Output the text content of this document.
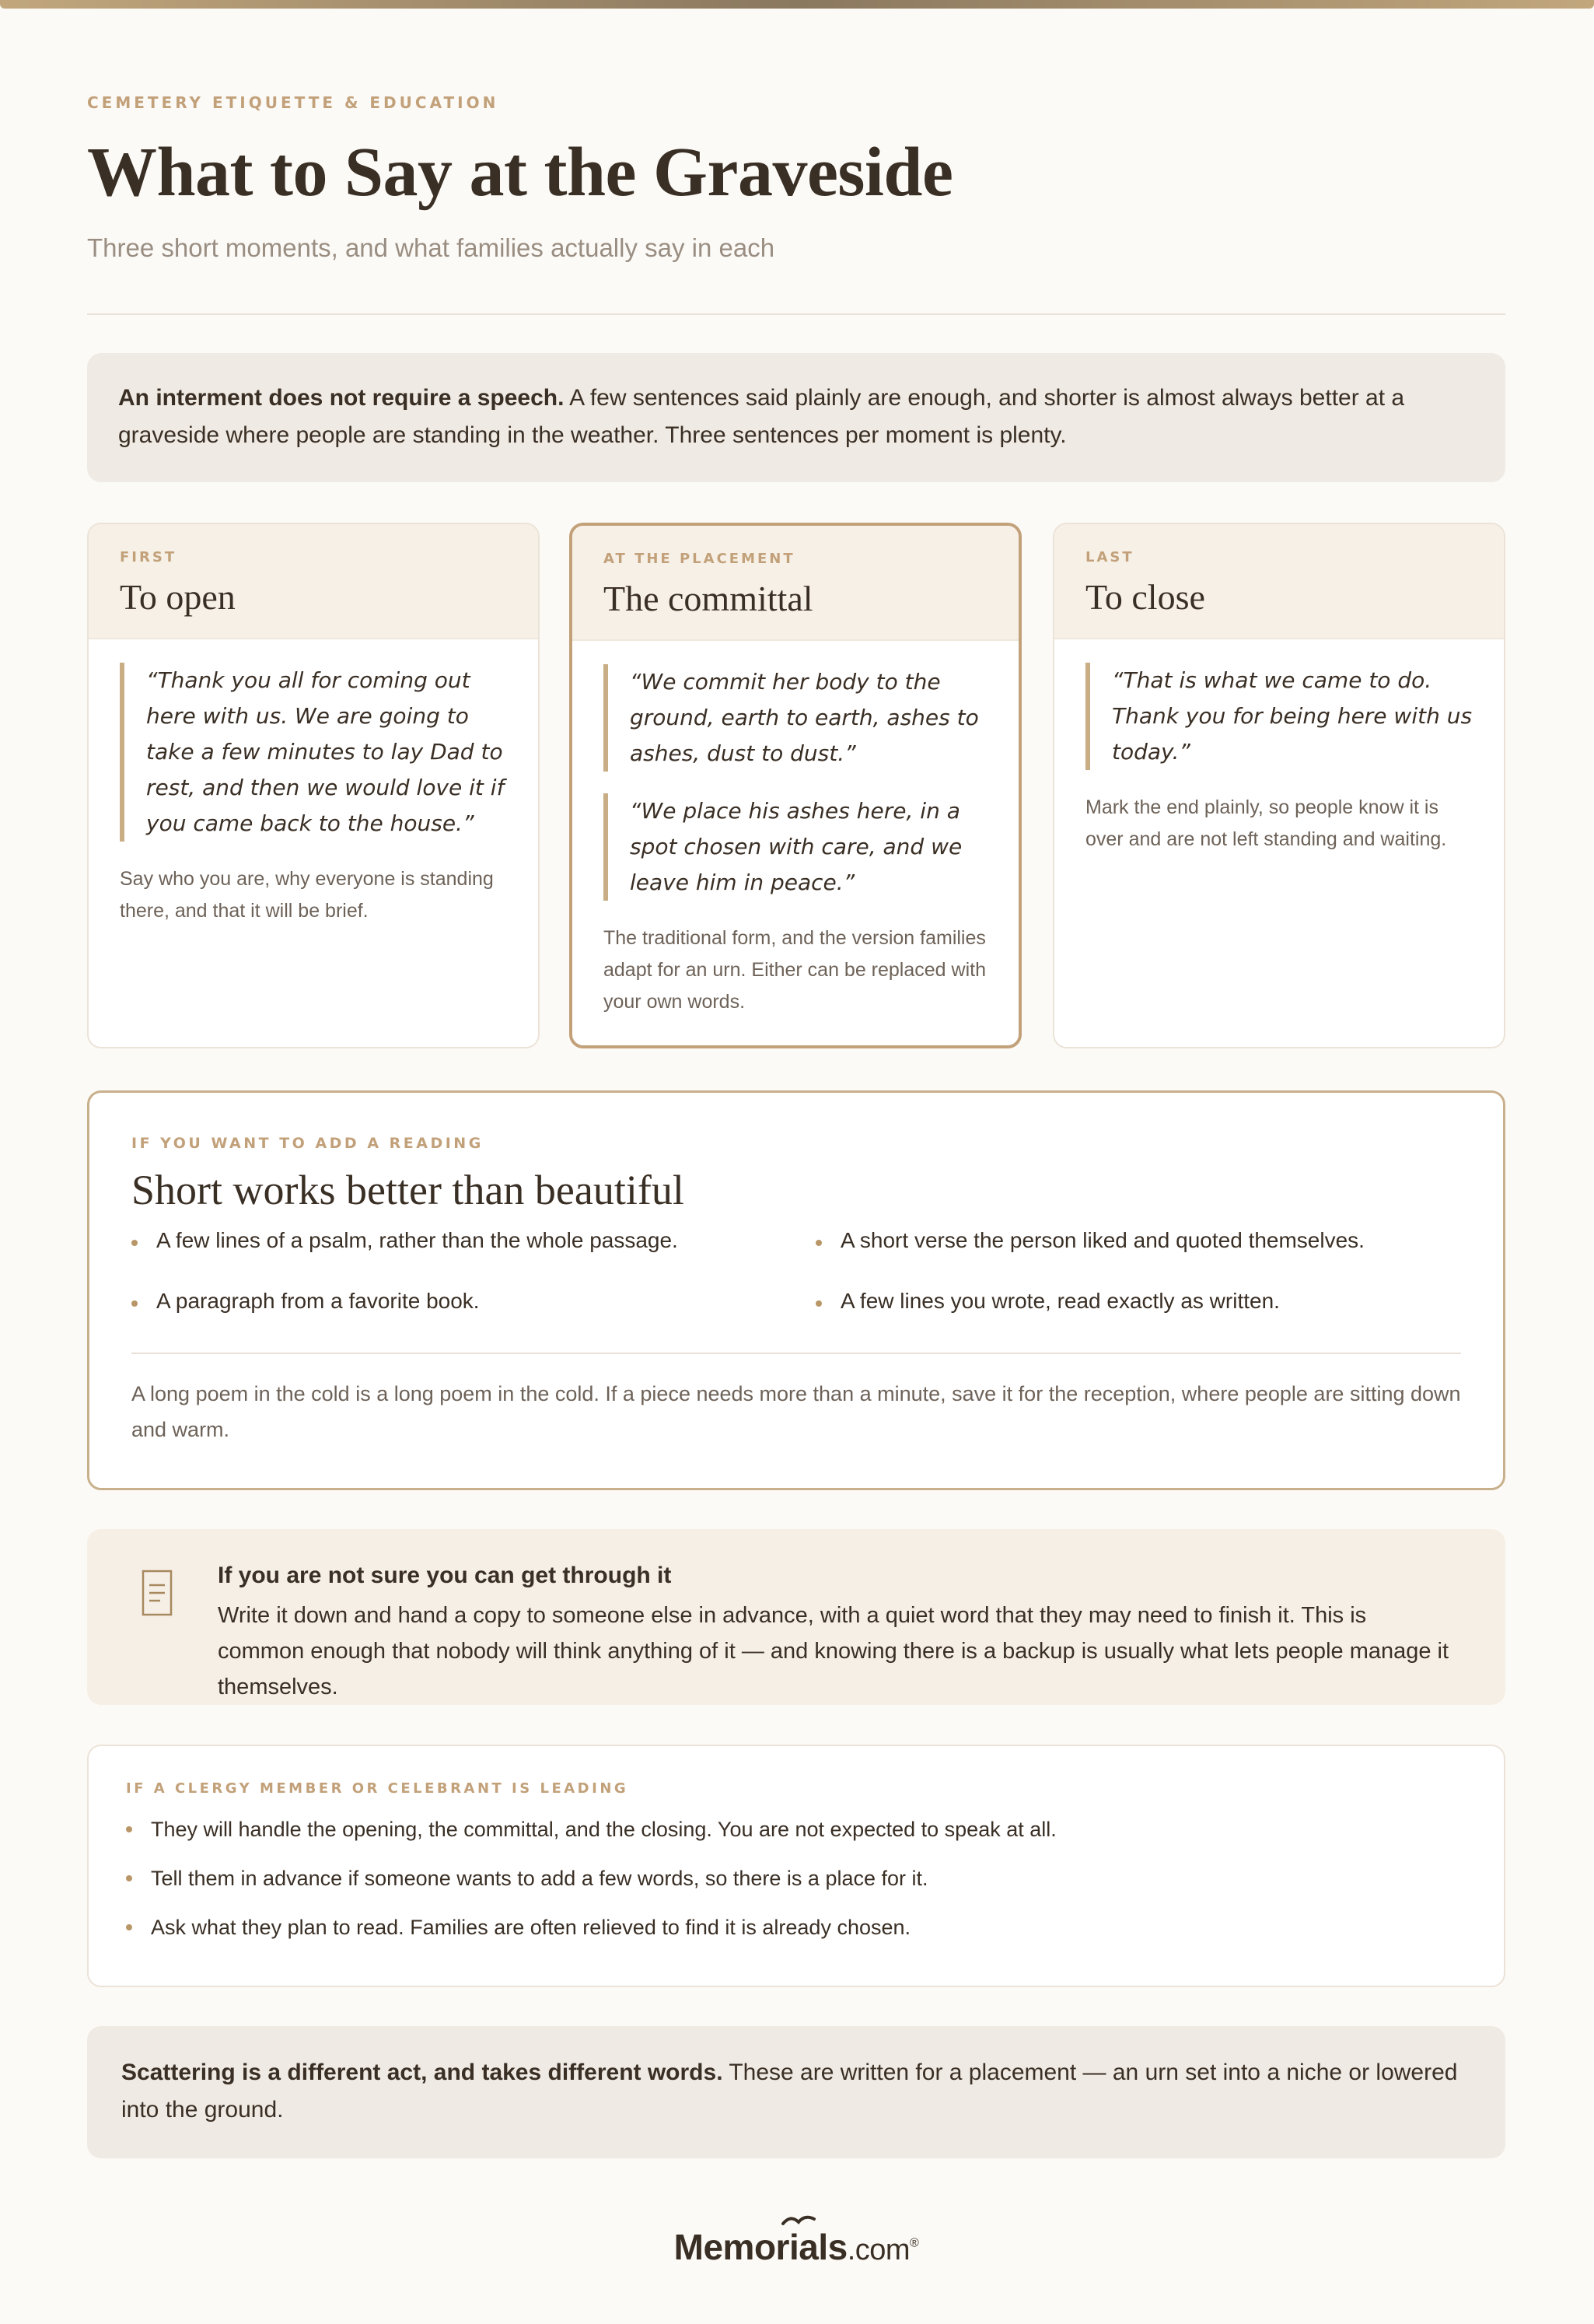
CEMETERY ETIQUETTE & EDUCATION
What to Say at the Graveside
Three short moments, and what families actually say in each
An interment does not require a speech. A few sentences said plainly are enough, and shorter is almost always better at a graveside where people are standing in the weather. Three sentences per moment is plenty.
FIRST
To open
“Thank you all for coming out here with us. We are going to take a few minutes to lay Dad to rest, and then we would love it if you came back to the house.”
Say who you are, why everyone is standing there, and that it will be brief.
AT THE PLACEMENT
The committal
“We commit her body to the ground, earth to earth, ashes to ashes, dust to dust.”
“We place his ashes here, in a spot chosen with care, and we leave him in peace.”
The traditional form, and the version families adapt for an urn. Either can be replaced with your own words.
LAST
To close
“That is what we came to do. Thank you for being here with us today.”
Mark the end plainly, so people know it is over and are not left standing and waiting.
IF YOU WANT TO ADD A READING
Short works better than beautiful
A few lines of a psalm, rather than the whole passage.	A short verse the person liked and quoted themselves.
A paragraph from a favorite book.	A few lines you wrote, read exactly as written.
A long poem in the cold is a long poem in the cold. If a piece needs more than a minute, save it for the reception, where people are sitting down and warm.
If you are not sure you can get through it
Write it down and hand a copy to someone else in advance, with a quiet word that they may need to finish it. This is common enough that nobody will think anything of it — and knowing there is a backup is usually what lets people manage it themselves.
IF A CLERGY MEMBER OR CELEBRANT IS LEADING
They will handle the opening, the committal, and the closing. You are not expected to speak at all.
Tell them in advance if someone wants to add a few words, so there is a place for it.
Ask what they plan to read. Families are often relieved to find it is already chosen.
Scattering is a different act, and takes different words. These are written for a placement — an urn set into a niche or lowered into the ground.
Memorials.com®
